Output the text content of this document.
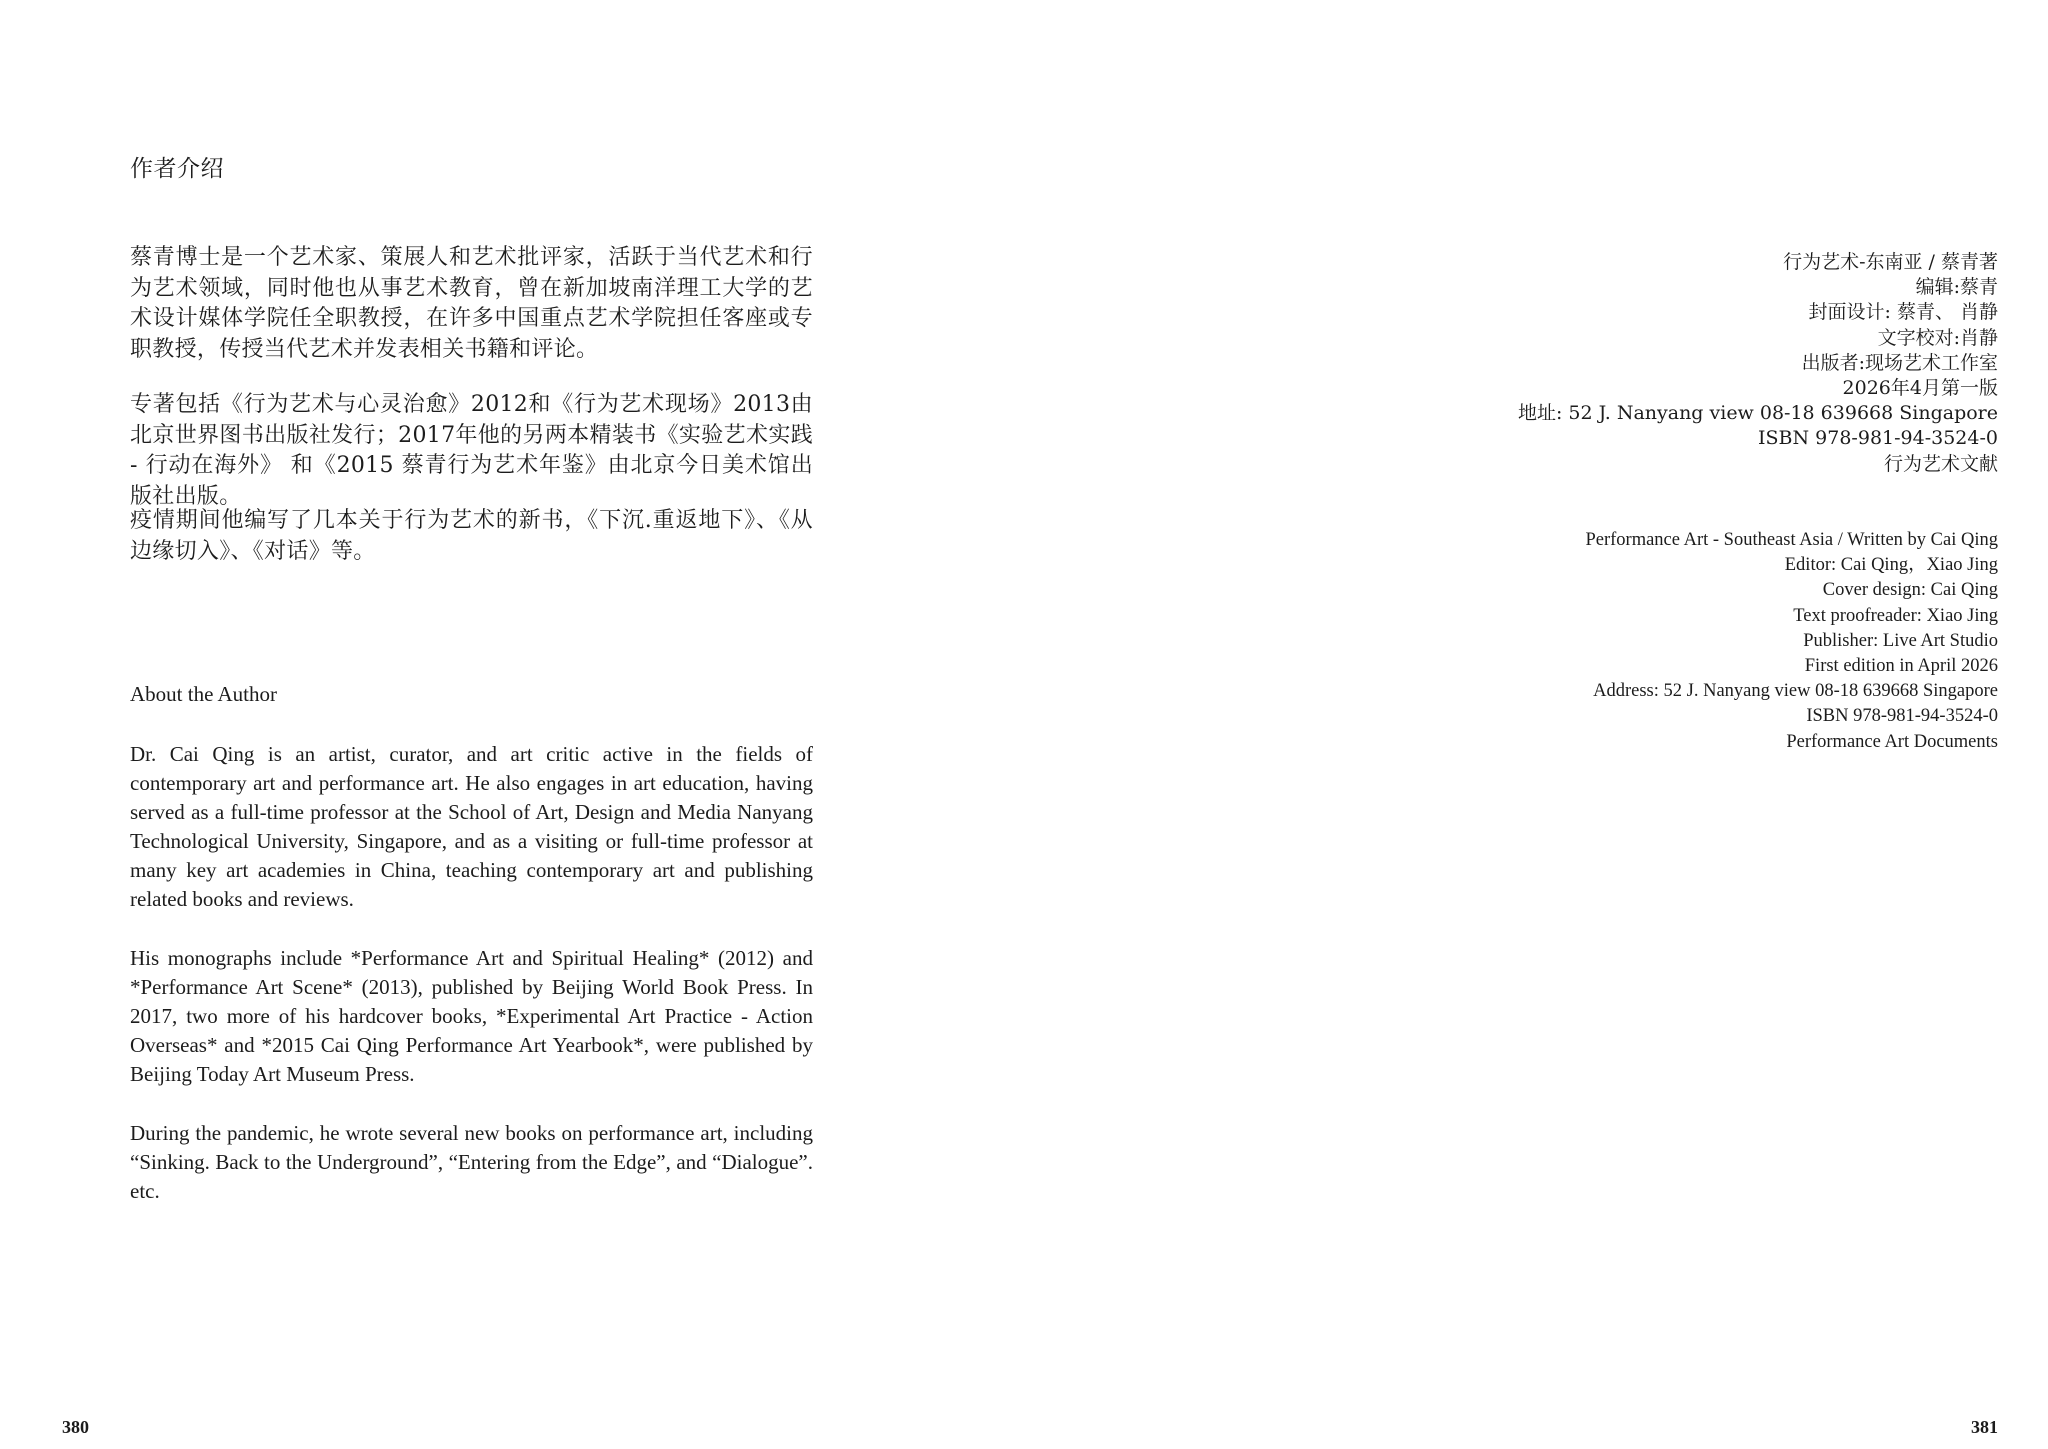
作者介绍

蔡青博士是一个艺术家、策展人和艺术批评家，活跃于当代艺术和行为艺术领域，同时他也从事艺术教育，曾在新加坡南洋理工大学的艺术设计媒体学院任全职教授，在许多中国重点艺术学院担任客座或专职教授，传授当代艺术并发表相关书籍和评论。

专著包括《行为艺术与心灵治愈》2012和《行为艺术现场》2013由北京世界图书出版社发行；2017年他的另两本精装书《实验艺术实践 - 行动在海外》 和《2015 蔡青行为艺术年鉴》由北京今日美术馆出版社出版。

疫情期间他编写了几本关于行为艺术的新书，《下沉.重返地下》、《从边缘切入》、《对话》等。

About the Author

Dr. Cai Qing is an artist, curator, and art critic active in the fields of contemporary art and performance art. He also engages in art education, having served as a full-time professor at the School of Art, Design and Media Nanyang Technological University, Singapore, and as a visiting or full-time professor at many key art academies in China, teaching contemporary art and publishing related books and reviews.

His monographs include *Performance Art and Spiritual Healing* (2012) and *Performance Art Scene* (2013), published by Beijing World Book Press. In 2017, two more of his hardcover books, *Experimental Art Practice - Action Overseas* and *2015 Cai Qing Performance Art Yearbook*, were published by Beijing Today Art Museum Press.

During the pandemic, he wrote several new books on performance art, including “Sinking. Back to the Underground”, “Entering from the Edge”, and “Dialogue”. etc.

380
行为艺术-东南亚 / 蔡青著
编辑:蔡青
封面设计: 蔡青、 肖静
文字校对:肖静
出版者:现场艺术工作室
2026年4月第一版
地址: 52 J. Nanyang view 08-18 639668 Singapore
ISBN 978-981-94-3524-0
行为艺术文献
Performance Art - Southeast Asia / Written by Cai Qing
Editor: Cai Qing，Xiao Jing
Cover design: Cai Qing
Text proofreader: Xiao Jing
Publisher: Live Art Studio
First edition in April 2026
Address: 52 J. Nanyang view 08-18 639668 Singapore
ISBN 978-981-94-3524-0
Performance Art Documents
381
